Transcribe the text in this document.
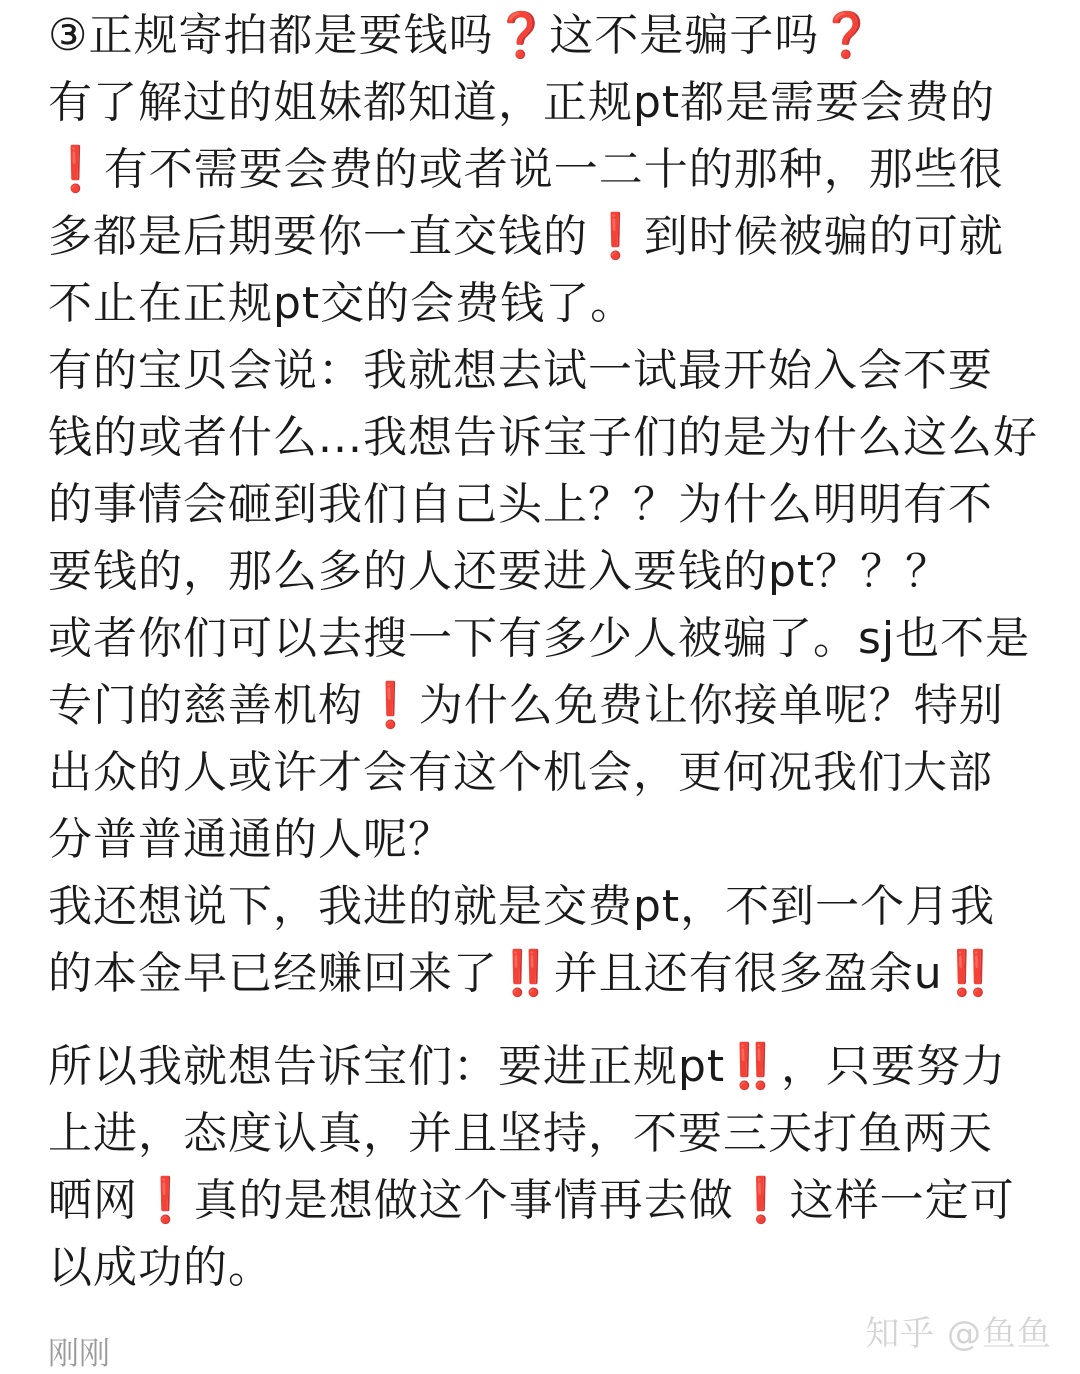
③正规寄拍都是要钱吗❓这不是骗子吗❓
有了解过的姐妹都知道，正规pt都是需要会费的
❗有不需要会费的或者说一二十的那种，那些很
多都是后期要你一直交钱的❗到时候被骗的可就
不止在正规pt交的会费钱了。
有的宝贝会说：我就想去试一试最开始入会不要
钱的或者什么...我想告诉宝子们的是为什么这么好
的事情会砸到我们自己头上？？为什么明明有不
要钱的，那么多的人还要进入要钱的pt？？？
或者你们可以去搜一下有多少人被骗了。sj也不是
专门的慈善机构❗为什么免费让你接单呢？特别
出众的人或许才会有这个机会，更何况我们大部
分普普通通的人呢？
我还想说下，我进的就是交费pt，不到一个月我
的本金早已经赚回来了‼️并且还有很多盈余u‼️
所以我就想告诉宝们：要进正规pt‼️，只要努力
上进，态度认真，并且坚持，不要三天打鱼两天
晒网❗真的是想做这个事情再去做❗这样一定可
以成功的。
刚刚	知乎 @鱼鱼
